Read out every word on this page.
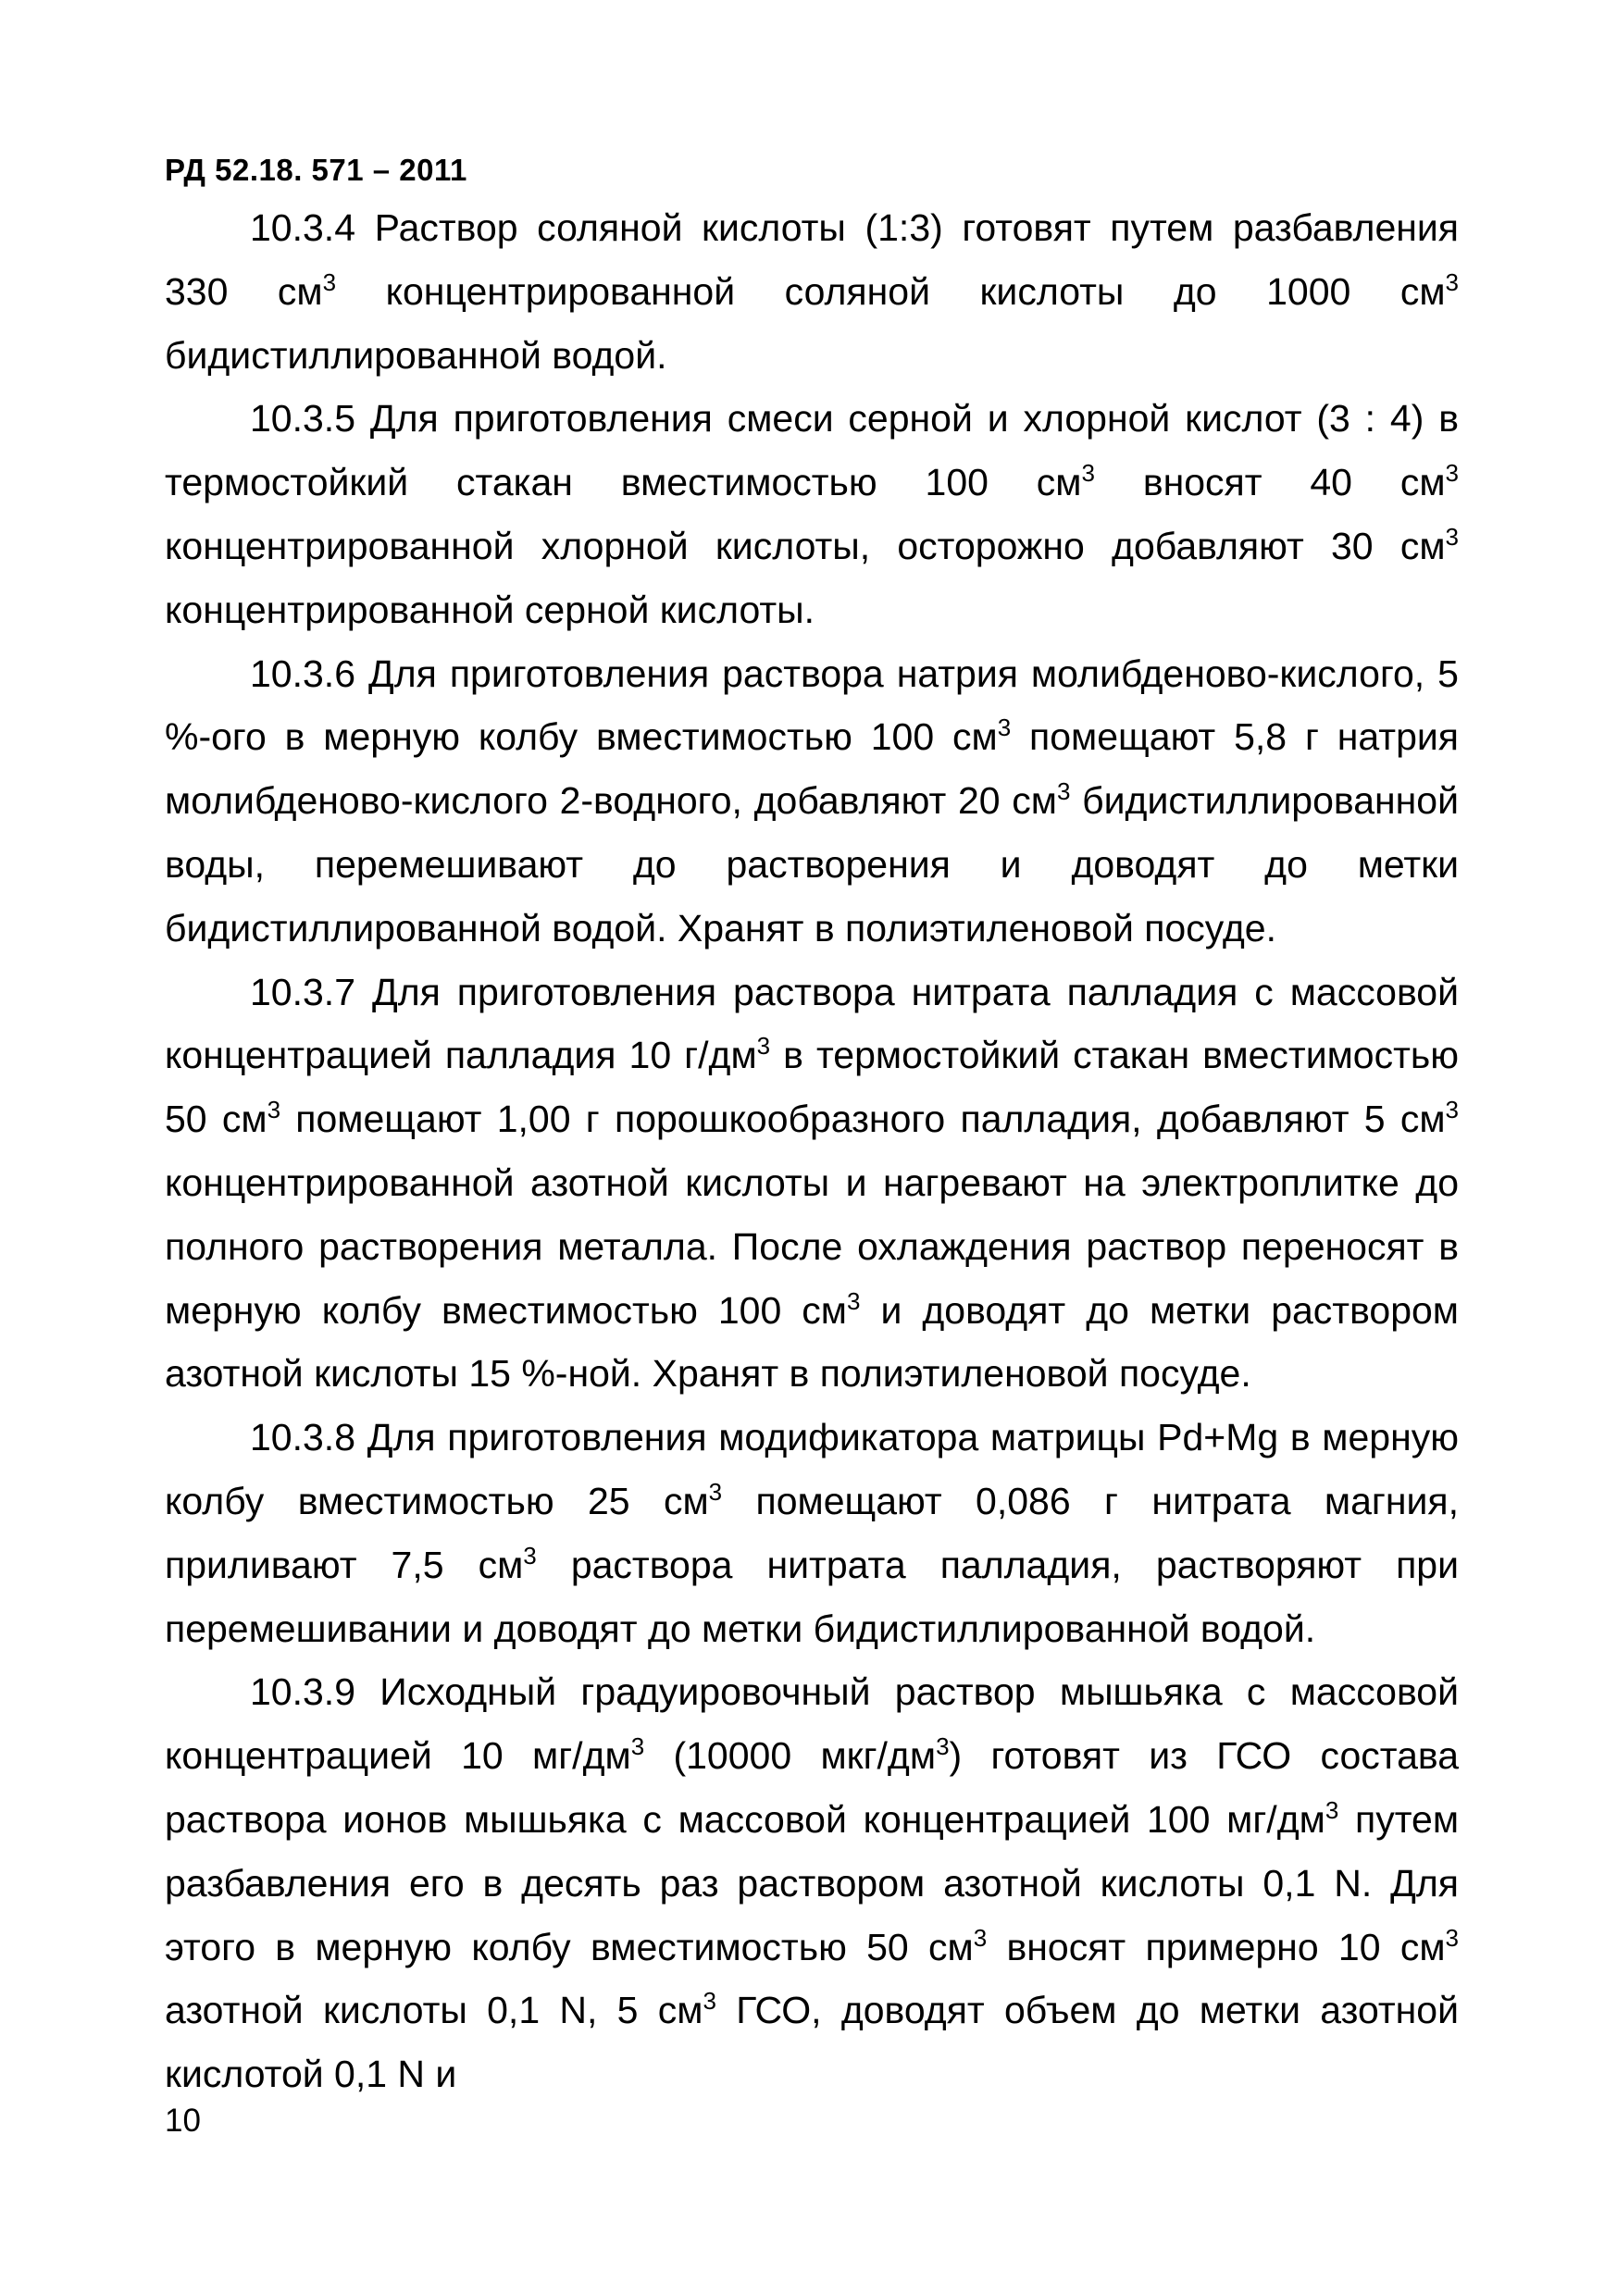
РД 52.18. 571 – 2011

10.3.4 Раствор соляной кислоты (1:3) готовят путем разбавления 330 $см^3$ концентрированной соляной кислоты до 1000 $см^3$ бидистиллированной водой.

10.3.5 Для приготовления смеси серной и хлорной кислот (3 : 4) в термостойкий стакан вместимостью 100 $см^3$ вносят 40 $см^3$ концентрированной хлорной кислоты, осторожно добавляют 30 $см^3$ концентрированной серной кислоты.

10.3.6 Для приготовления раствора натрия молибденово-кислого, 5 %-ого в мерную колбу вместимостью 100 $см^3$ помещают 5,8 г натрия молибденово-кислого 2-водного, добавляют 20 $см^3$ бидистиллированной воды, перемешивают до растворения и доводят до метки бидистиллированной водой. Хранят в полиэтиленовой посуде.

10.3.7 Для приготовления раствора нитрата палладия с массовой концентрацией палладия 10 $г/дм^3$ в термостойкий стакан вместимостью 50 $см^3$ помещают 1,00 г порошкообразного палладия, добавляют 5 $см^3$ концентрированной азотной кислоты и нагревают на электроплитке до полного растворения металла. После охлаждения раствор переносят в мерную колбу вместимостью 100 $см^3$ и доводят до метки раствором азотной кислоты 15 %-ной. Хранят в полиэтиленовой посуде.

10.3.8 Для приготовления модификатора матрицы Pd+Mg в мерную колбу вместимостью 25 $см^3$ помещают 0,086 г нитрата магния, приливают 7,5 $см^3$ раствора нитрата палладия, растворяют при перемешивании и доводят до метки бидистиллированной водой.

10.3.9 Исходный градуировочный раствор мышьяка с массовой концентрацией 10 $мг/дм^3$ (10000 мкг/$дм^3$) готовят из ГСО состава раствора ионов мышьяка с массовой концентрацией 100 $мг/дм^3$ путем разбавления его в десять раз раствором азотной кислоты 0,1 N. Для этого в мерную колбу вместимостью 50 $см^3$ вносят примерно 10 $см^3$ азотной кислоты 0,1 N, 5 $см^3$ ГСО, доводят объем до метки азотной кислотой 0,1 N и

10
